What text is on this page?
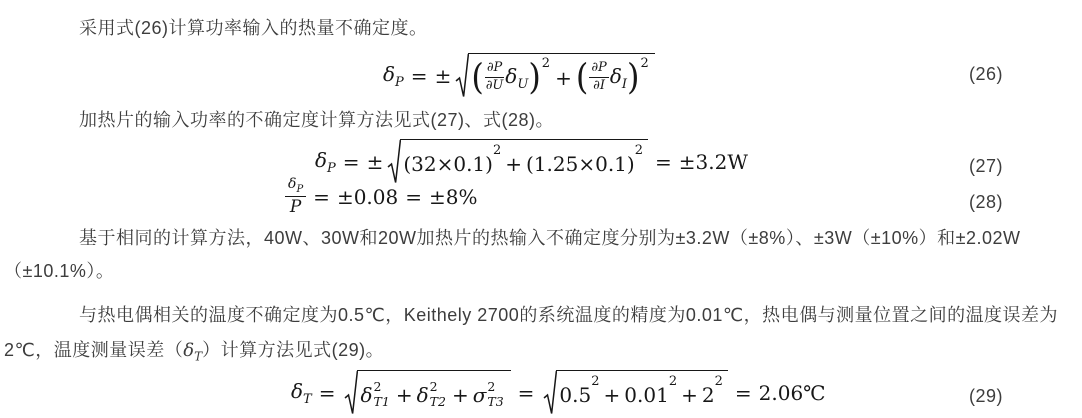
采用式(26)计算功率输入的热量不确定度。
$\delta_P$ = ± ( $\frac{\partial P}{\partial U} \delta_U$ ) 2
+ ( $\frac{\partial P}{\partial I} \delta_I$ ) 2
(26)
加热片的输入功率的不确定度计算方法见式(27)、式(28)。
$\delta_P$ = ± (32×0.1)
2
+ (1.25×0.1)
2 = ±3.2W	(27)
$\delta_P$
P = ±0.08 = ±8%	(28)
基于相同的计算方法，40W、30W和20W加热片的热输入不确定度分别为±3.2W（±8%）、±3W（±10%）和±2.02W
（±10.1%）。
与热电偶相关的温度不确定度为0.5℃，Keithely 2700的系统温度的精度为0.01℃，热电偶与测量位置之间的温度误差为
2℃，温度测量误差$(\delta_T)$计算方法见式(29)。
$\delta_T = \delta$ 2
T1 + δ 2
T2 + σ 2
T3 = 0.5
2
+ 0.01
2
+ 2
2 = 2.06℃	(29)
